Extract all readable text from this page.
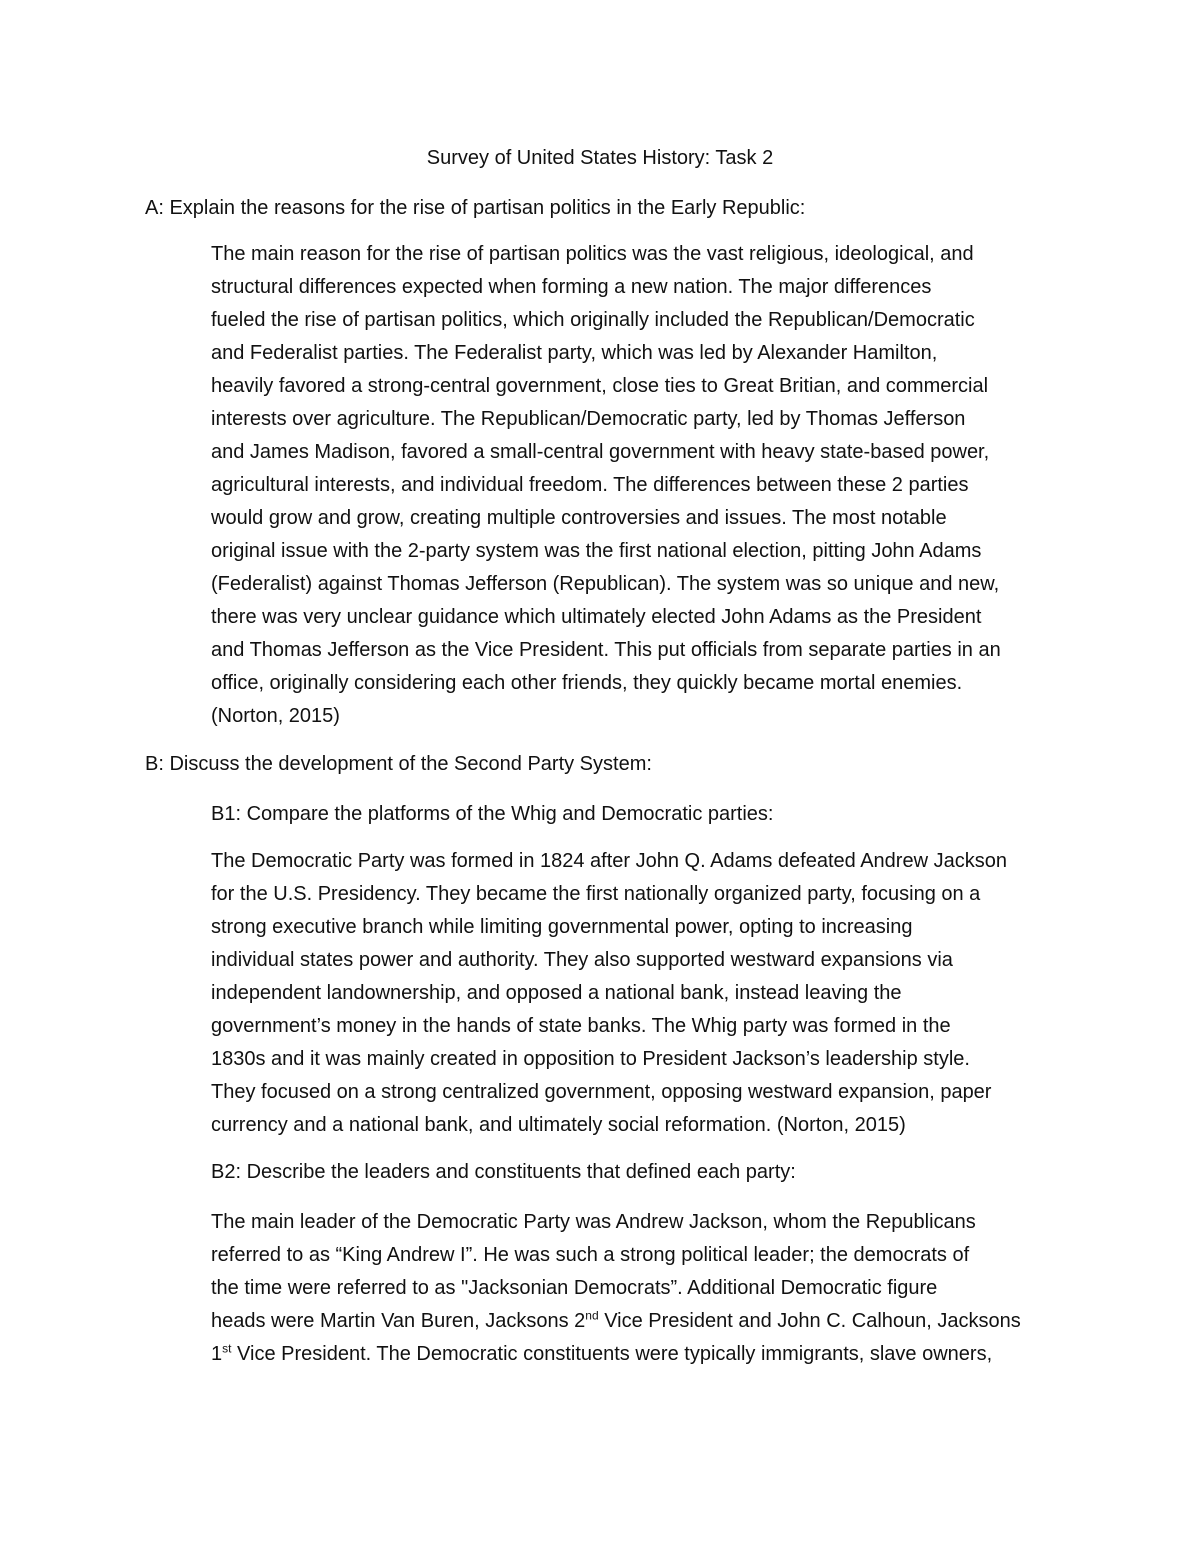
Survey of United States History: Task 2
A: Explain the reasons for the rise of partisan politics in the Early Republic:
The main reason for the rise of partisan politics was the vast religious, ideological, and
structural differences expected when forming a new nation. The major differences
fueled the rise of partisan politics, which originally included the Republican/Democratic
and Federalist parties. The Federalist party, which was led by Alexander Hamilton,
heavily favored a strong-central government, close ties to Great Britian, and commercial
interests over agriculture. The Republican/Democratic party, led by Thomas Jefferson
and James Madison, favored a small-central government with heavy state-based power,
agricultural interests, and individual freedom. The differences between these 2 parties
would grow and grow, creating multiple controversies and issues. The most notable
original issue with the 2-party system was the first national election, pitting John Adams
(Federalist) against Thomas Jefferson (Republican). The system was so unique and new,
there was very unclear guidance which ultimately elected John Adams as the President
and Thomas Jefferson as the Vice President. This put officials from separate parties in an
office, originally considering each other friends, they quickly became mortal enemies.
(Norton, 2015)
B: Discuss the development of the Second Party System:
B1: Compare the platforms of the Whig and Democratic parties:
The Democratic Party was formed in 1824 after John Q. Adams defeated Andrew Jackson
for the U.S. Presidency. They became the first nationally organized party, focusing on a
strong executive branch while limiting governmental power, opting to increasing
individual states power and authority. They also supported westward expansions via
independent landownership, and opposed a national bank, instead leaving the
government’s money in the hands of state banks. The Whig party was formed in the
1830s and it was mainly created in opposition to President Jackson’s leadership style.
They focused on a strong centralized government, opposing westward expansion, paper
currency and a national bank, and ultimately social reformation. (Norton, 2015)
B2: Describe the leaders and constituents that defined each party:
The main leader of the Democratic Party was Andrew Jackson, whom the Republicans
referred to as “King Andrew I”. He was such a strong political leader; the democrats of
the time were referred to as "Jacksonian Democrats”. Additional Democratic figure
heads were Martin Van Buren, Jacksons 2nd Vice President and John C. Calhoun, Jacksons
1st Vice President. The Democratic constituents were typically immigrants, slave owners,
